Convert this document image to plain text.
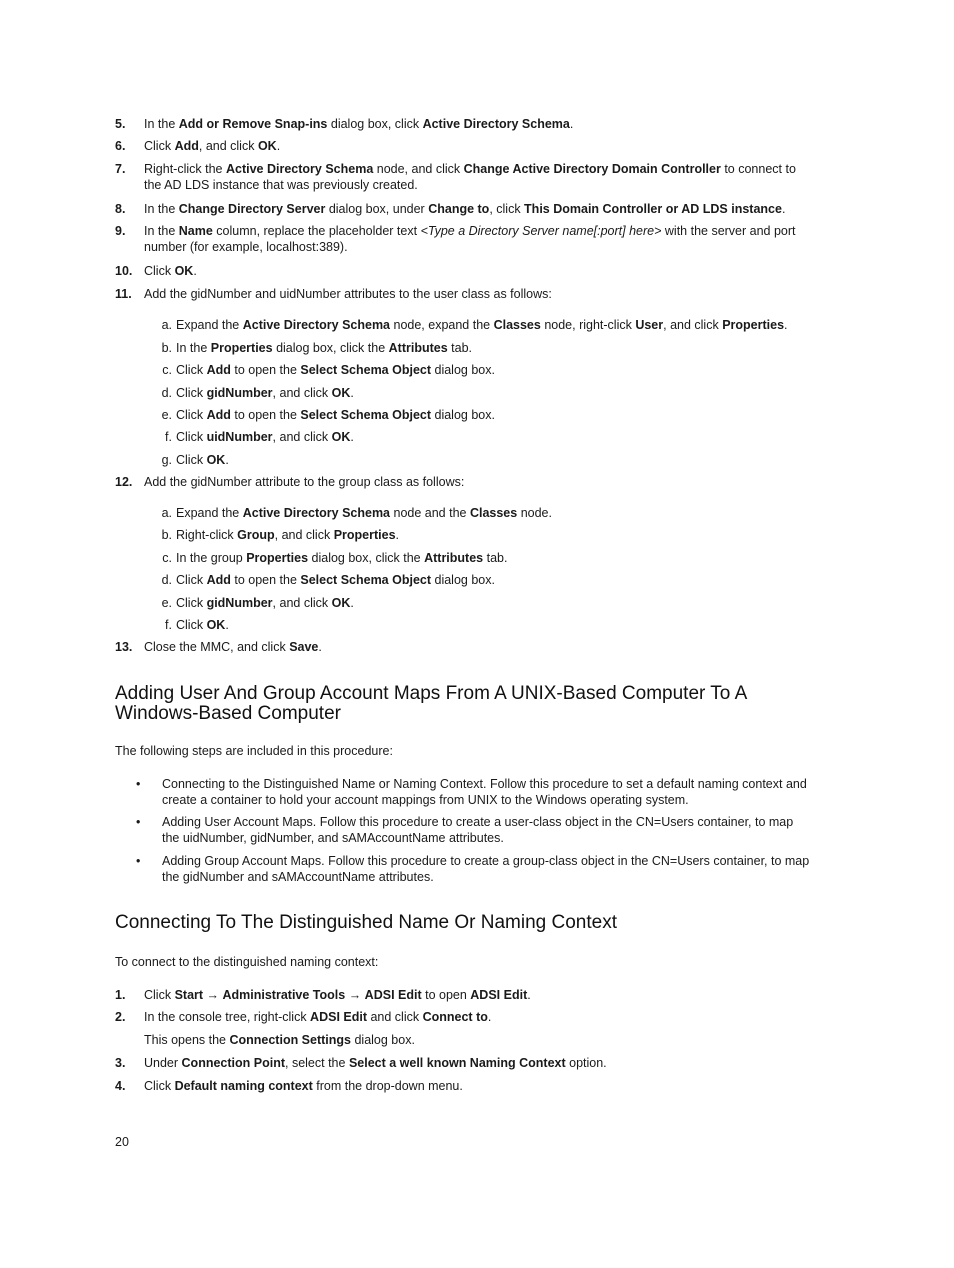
5. In the Add or Remove Snap-ins dialog box, click Active Directory Schema.
6. Click Add, and click OK.
7. Right-click the Active Directory Schema node, and click Change Active Directory Domain Controller to connect to the AD LDS instance that was previously created.
8. In the Change Directory Server dialog box, under Change to, click This Domain Controller or AD LDS instance.
9. In the Name column, replace the placeholder text <Type a Directory Server name[:port] here> with the server and port number (for example, localhost:389).
10. Click OK.
11. Add the gidNumber and uidNumber attributes to the user class as follows:
a. Expand the Active Directory Schema node, expand the Classes node, right-click User, and click Properties.
b. In the Properties dialog box, click the Attributes tab.
c. Click Add to open the Select Schema Object dialog box.
d. Click gidNumber, and click OK.
e. Click Add to open the Select Schema Object dialog box.
f. Click uidNumber, and click OK.
g. Click OK.
12. Add the gidNumber attribute to the group class as follows:
a. Expand the Active Directory Schema node and the Classes node.
b. Right-click Group, and click Properties.
c. In the group Properties dialog box, click the Attributes tab.
d. Click Add to open the Select Schema Object dialog box.
e. Click gidNumber, and click OK.
f. Click OK.
13. Close the MMC, and click Save.
Adding User And Group Account Maps From A UNIX-Based Computer To A Windows-Based Computer
The following steps are included in this procedure:
• Connecting to the Distinguished Name or Naming Context. Follow this procedure to set a default naming context and create a container to hold your account mappings from UNIX to the Windows operating system.
• Adding User Account Maps. Follow this procedure to create a user-class object in the CN=Users container, to map the uidNumber, gidNumber, and sAMAccountName attributes.
• Adding Group Account Maps. Follow this procedure to create a group-class object in the CN=Users container, to map the gidNumber and sAMAccountName attributes.
Connecting To The Distinguished Name Or Naming Context
To connect to the distinguished naming context:
1. Click Start → Administrative Tools → ADSI Edit to open ADSI Edit.
2. In the console tree, right-click ADSI Edit and click Connect to.
This opens the Connection Settings dialog box.
3. Under Connection Point, select the Select a well known Naming Context option.
4. Click Default naming context from the drop-down menu.
20
